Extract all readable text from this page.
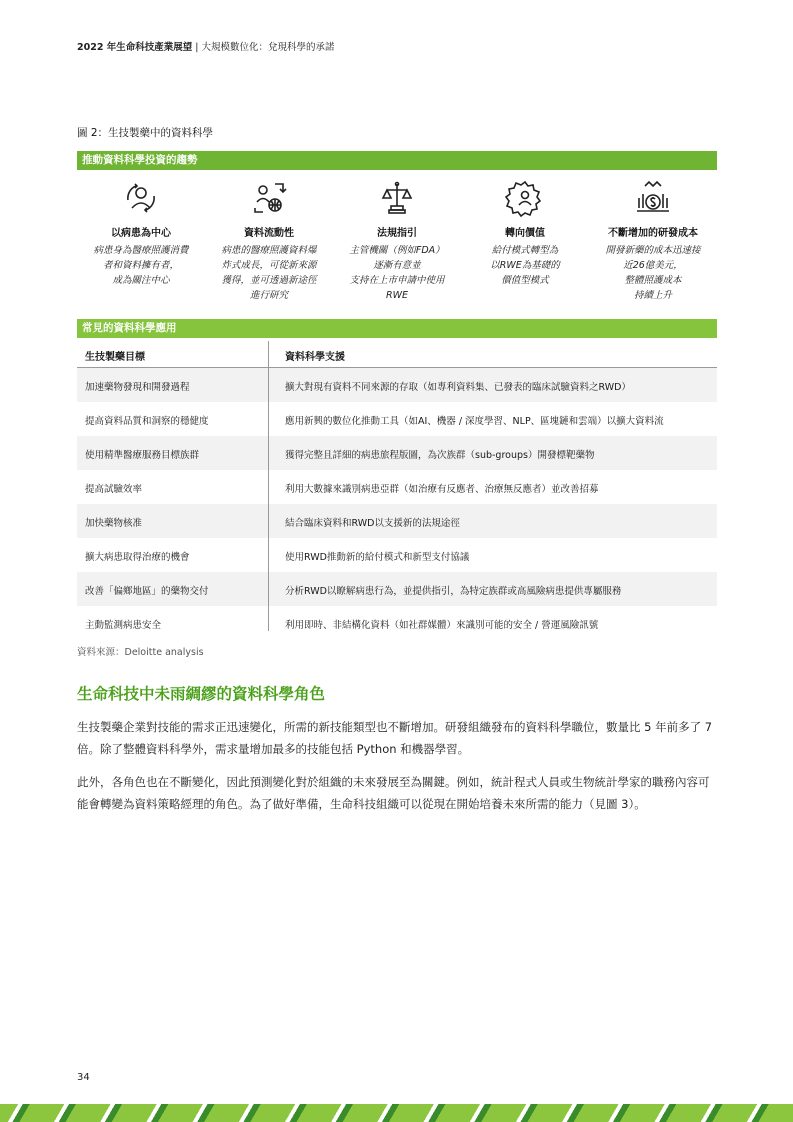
2022 年生命科技產業展望 | 大規模數位化：兌現科學的承諾
圖 2：生技製藥中的資料科學
推動資料科學投資的趨勢
以病患為中心
病患身為醫療照護消費
者和資料擁有者，
成為關注中心
資料流動性
病患的醫療照護資料爆
炸式成長，可從新來源
獲得，並可透過新途徑
進行研究
法規指引
主管機關（例如FDA）
逐漸有意並
支持在上市申請中使用
RWE
轉向價值
給付模式轉型為
以RWE為基礎的
價值型模式
不斷增加的研發成本
開發新藥的成本迅速接
近26億美元，
整體照護成本
持續上升
常見的資料科學應用
生技製藥目標	資料科學支援
加速藥物發現和開發過程	擴大對現有資料不同來源的存取（如專利資料集、已發表的臨床試驗資料之RWD）
提高資料品質和洞察的穩健度	應用新興的數位化推動工具（如AI、機器 / 深度學習、NLP、區塊鏈和雲端）以擴大資料流
使用精準醫療服務目標族群	獲得完整且詳細的病患旅程版圖，為次族群（sub-groups）開發標靶藥物
提高試驗效率	利用大數據來識別病患亞群（如治療有反應者、治療無反應者）並改善招募
加快藥物核准	結合臨床資料和RWD以支援新的法規途徑
擴大病患取得治療的機會	使用RWD推動新的給付模式和新型支付協議
改善「偏鄉地區」的藥物交付	分析RWD以瞭解病患行為，並提供指引，為特定族群或高風險病患提供專屬服務
主動監測病患安全	利用即時、非結構化資料（如社群媒體）來識別可能的安全 / 營運風險訊號
資料來源：Deloitte analysis
生命科技中未雨綢繆的資料科學角色
生技製藥企業對技能的需求正迅速變化，所需的新技能類型也不斷增加。研發組織發布的資料科學職位，數量比 5 年前多了 7 倍。除了整體資料科學外，需求量增加最多的技能包括 Python 和機器學習。
此外，各角色也在不斷變化，因此預測變化對於組織的未來發展至為關鍵。例如，統計程式人員或生物統計學家的職務內容可能會轉變為資料策略經理的角色。為了做好準備，生命科技組織可以從現在開始培養未來所需的能力（見圖 3）。
34
